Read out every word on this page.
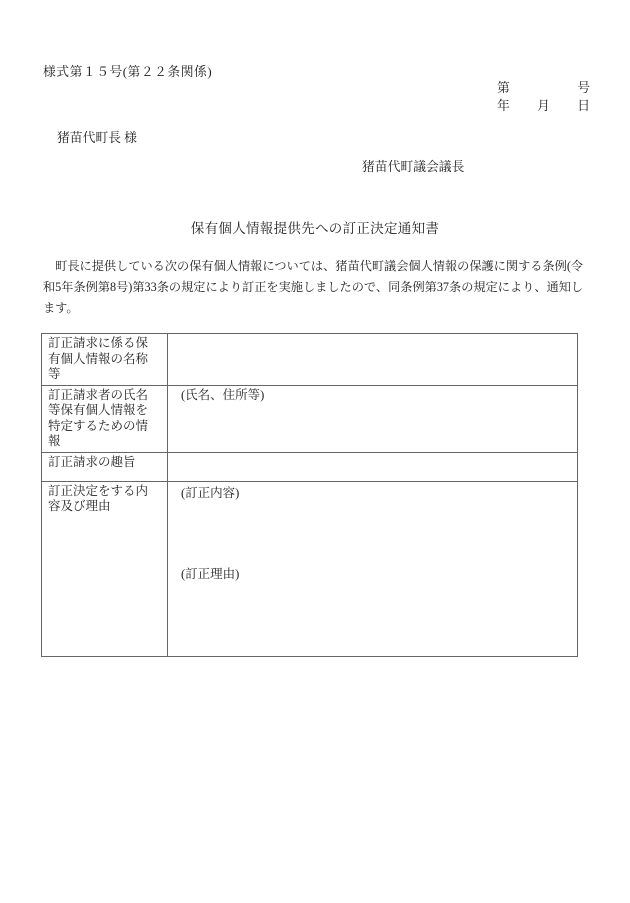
様式第１５号(第２２条関係)
第	号
年 月 日
猪苗代町長 様
猪苗代町議会議長
保有個人情報提供先への訂正決定通知書
　町長に提供している次の保有個人情報については、猪苗代町議会個人情報の保護に関する条例(令和5年条例第8号)第33条の規定により訂正を実施しましたので、同条例第37条の規定により、通知します。
訂正請求に係る保有個人情報の名称等	
訂正請求者の氏名等保有個人情報を特定するための情報	(氏名、住所等)
訂正請求の趣旨	
訂正決定をする内容及び理由	(訂正内容)
(訂正理由)
